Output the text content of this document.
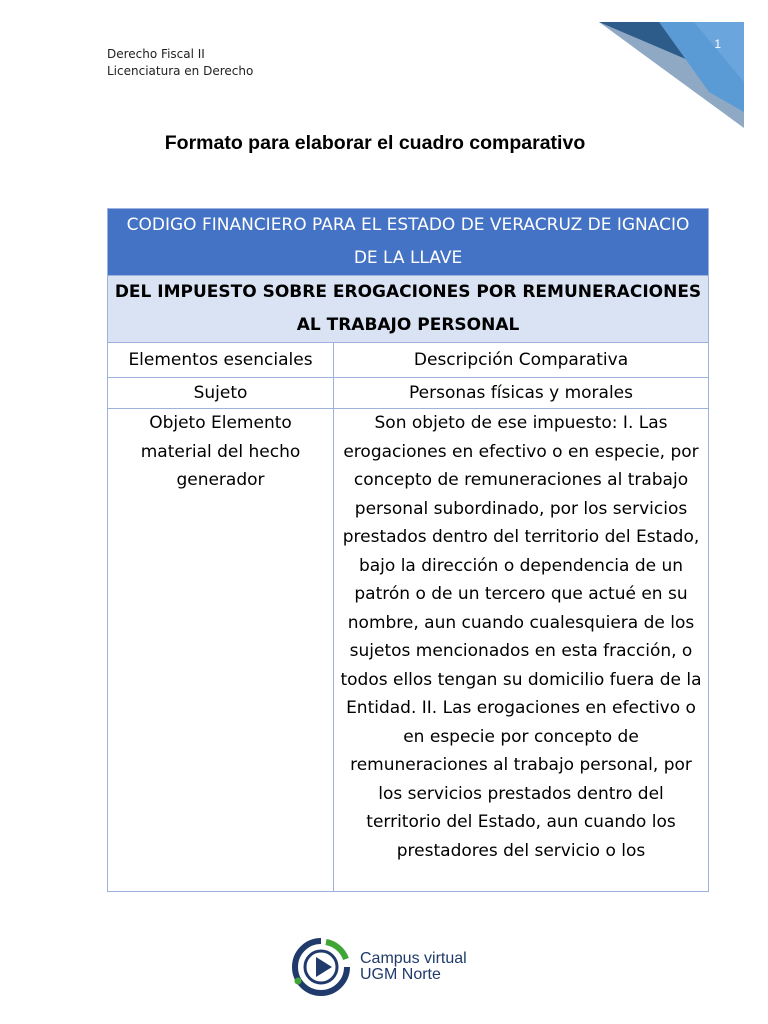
1
Derecho Fiscal II
Licenciatura en Derecho
Formato para elaborar el cuadro comparativo
CODIGO FINANCIERO PARA EL ESTADO DE VERACRUZ DE IGNACIO DE LA LLAVE	
DEL IMPUESTO SOBRE EROGACIONES POR REMUNERACIONES AL TRABAJO PERSONAL	
Elementos esenciales	Descripción Comparativa
Sujeto	Personas físicas y morales

Objeto Elemento material del hecho generador	Son objeto de ese impuesto: I. Las erogaciones en efectivo o en especie, por concepto de remuneraciones al trabajo personal subordinado, por los servicios prestados dentro del territorio del Estado, bajo la dirección o dependencia de un patrón o de un tercero que actué en su nombre, aun cuando cualesquiera de los sujetos mencionados en esta fracción, o todos ellos tengan su domicilio fuera de la Entidad. II. Las erogaciones en efectivo o en especie por concepto de remuneraciones al trabajo personal, por los servicios prestados dentro del territorio del Estado, aun cuando los prestadores del servicio o los
Campus virtual
UGM Norte
